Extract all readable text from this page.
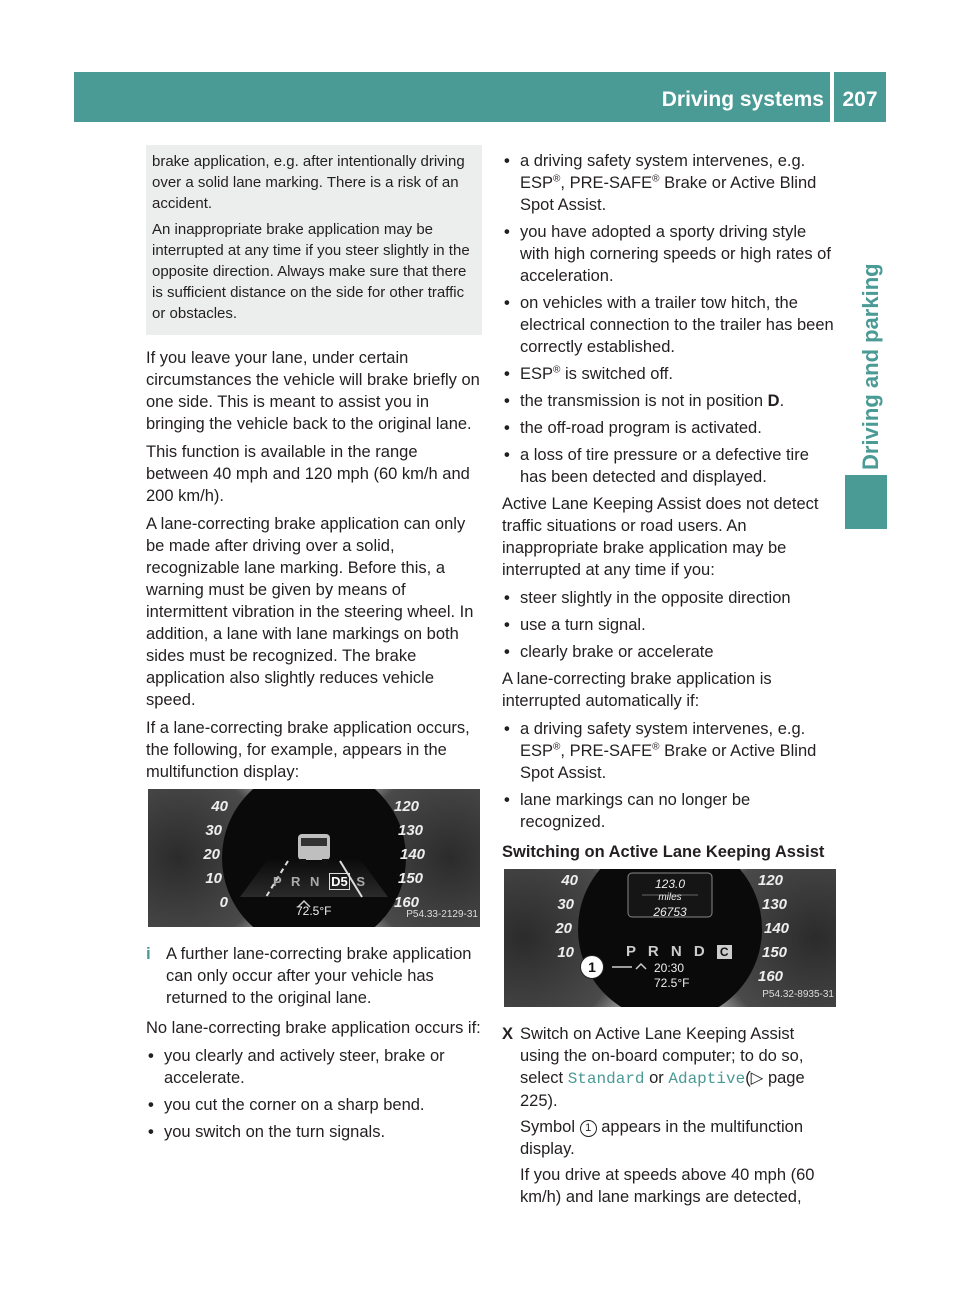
Driving systems 207
Driving and parking

brake application, e.g. after intentionally driving over a solid lane marking. There is a risk of an accident.

An inappropriate brake application may be interrupted at any time if you steer slightly in the opposite direction. Always make sure that there is sufficient distance on the side for other traffic or obstacles.

If you leave your lane, under certain circumstances the vehicle will brake briefly on one side. This is meant to assist you in bringing the vehicle back to the original lane.

This function is available in the range between 40 mph and 120 mph (60 km/h and 200 km/h).

A lane-correcting brake application can only be made after driving over a solid, recognizable lane marking. Before this, a warning must be given by means of intermittent vibration in the steering wheel. In addition, a lane with lane markings on both sides must be recognized. The brake application also slightly reduces vehicle speed.

If a lane-correcting brake application occurs, the following, for example, appears in the multifunction display:

40
30
20
10
0
120
130
140
150
160
P R N D5 S
72.5°F	P54.33-2129-31
i A further lane-correcting brake application can only occur after your vehicle has returned to the original lane.

No lane-correcting brake application occurs if:

• you clearly and actively steer, brake or accelerate.
• you cut the corner on a sharp bend.
• you switch on the turn signals.
• a driving safety system intervenes, e.g.
ESP®, PRE-SAFE® Brake or Active Blind Spot Assist.
• you have adopted a sporty driving style with high cornering speeds or high rates of acceleration.
• on vehicles with a trailer tow hitch, the electrical connection to the trailer has been correctly established.
• ESP® is switched off.
• the transmission is not in position D.
• the off-road program is activated.
• a loss of tire pressure or a defective tire has been detected and displayed.

Active Lane Keeping Assist does not detect traffic situations or road users. An inappropriate brake application may be interrupted at any time if you:

• steer slightly in the opposite direction
• use a turn signal.
• clearly brake or accelerate

A lane-correcting brake application is interrupted automatically if:

• a driving safety system intervenes, e.g.
ESP®, PRE-SAFE® Brake or Active Blind Spot Assist.
• lane markings can no longer be recognized.
Switching on Active Lane Keeping Assist
40
30
20
10
120
130
140
150
160
123.0
miles
26753
P R N D C
20:30
72.5°F
1
P54.32-8935-31
X Switch on Active Lane Keeping Assist using the on-board computer; to do so, select Standard or Adaptive(▷ page 225).
Symbol 1 appears in the multifunction display.
If you drive at speeds above 40 mph (60 km/h) and lane markings are detected,
